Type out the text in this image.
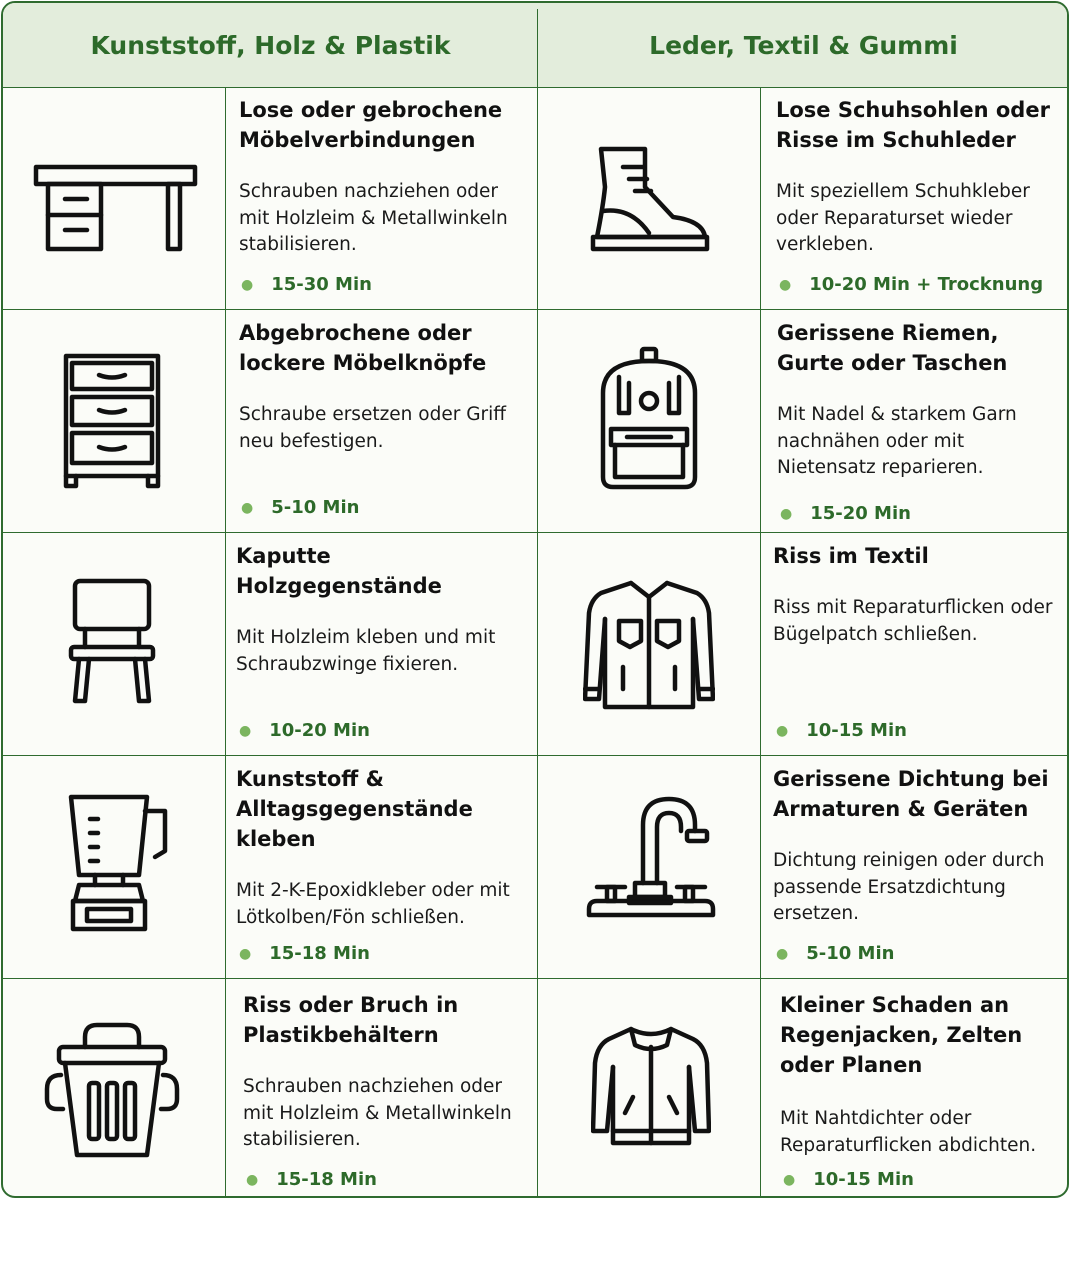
Kunststoff, Holz & Plastik	Leder, Textil & Gummi

Lose oder gebrochene Möbelverbindungen

Schrauben nachziehen oder mit Holzleim & Metallwinkeln stabilisieren.
● 15-30 Min

Abgebrochene oder lockere Möbelknöpfe

Schraube ersetzen oder Griff neu befestigen.
● 5-10 Min

Kaputte Holzgegenstände

Mit Holzleim kleben und mit Schraubzwinge fixieren.
● 10-20 Min

Kunststoff & Alltagsgegenstände kleben

Mit 2-K-Epoxidkleber oder mit Lötkolben/Fön schließen.
● 15-18 Min

Riss oder Bruch in Plastikbehältern

Schrauben nachziehen oder mit Holzleim & Metallwinkeln stabilisieren.
● 15-18 Min

Lose Schuhsohlen oder Risse im Schuhleder

Mit speziellem Schuhkleber oder Reparaturset wieder verkleben.
● 10-20 Min + Trocknung

Gerissene Riemen, Gurte oder Taschen

Mit Nadel & starkem Garn nachnähen oder mit Nietensatz reparieren.
● 15-20 Min

Riss im Textil

Riss mit Reparaturflicken oder Bügelpatch schließen.
● 10-15 Min

Gerissene Dichtung bei Armaturen & Geräten

Dichtung reinigen oder durch passende Ersatzdichtung ersetzen.
● 5-10 Min

Kleiner Schaden an Regenjacken, Zelten oder Planen

Mit Nahtdichter oder Reparaturflicken abdichten.
● 10-15 Min
